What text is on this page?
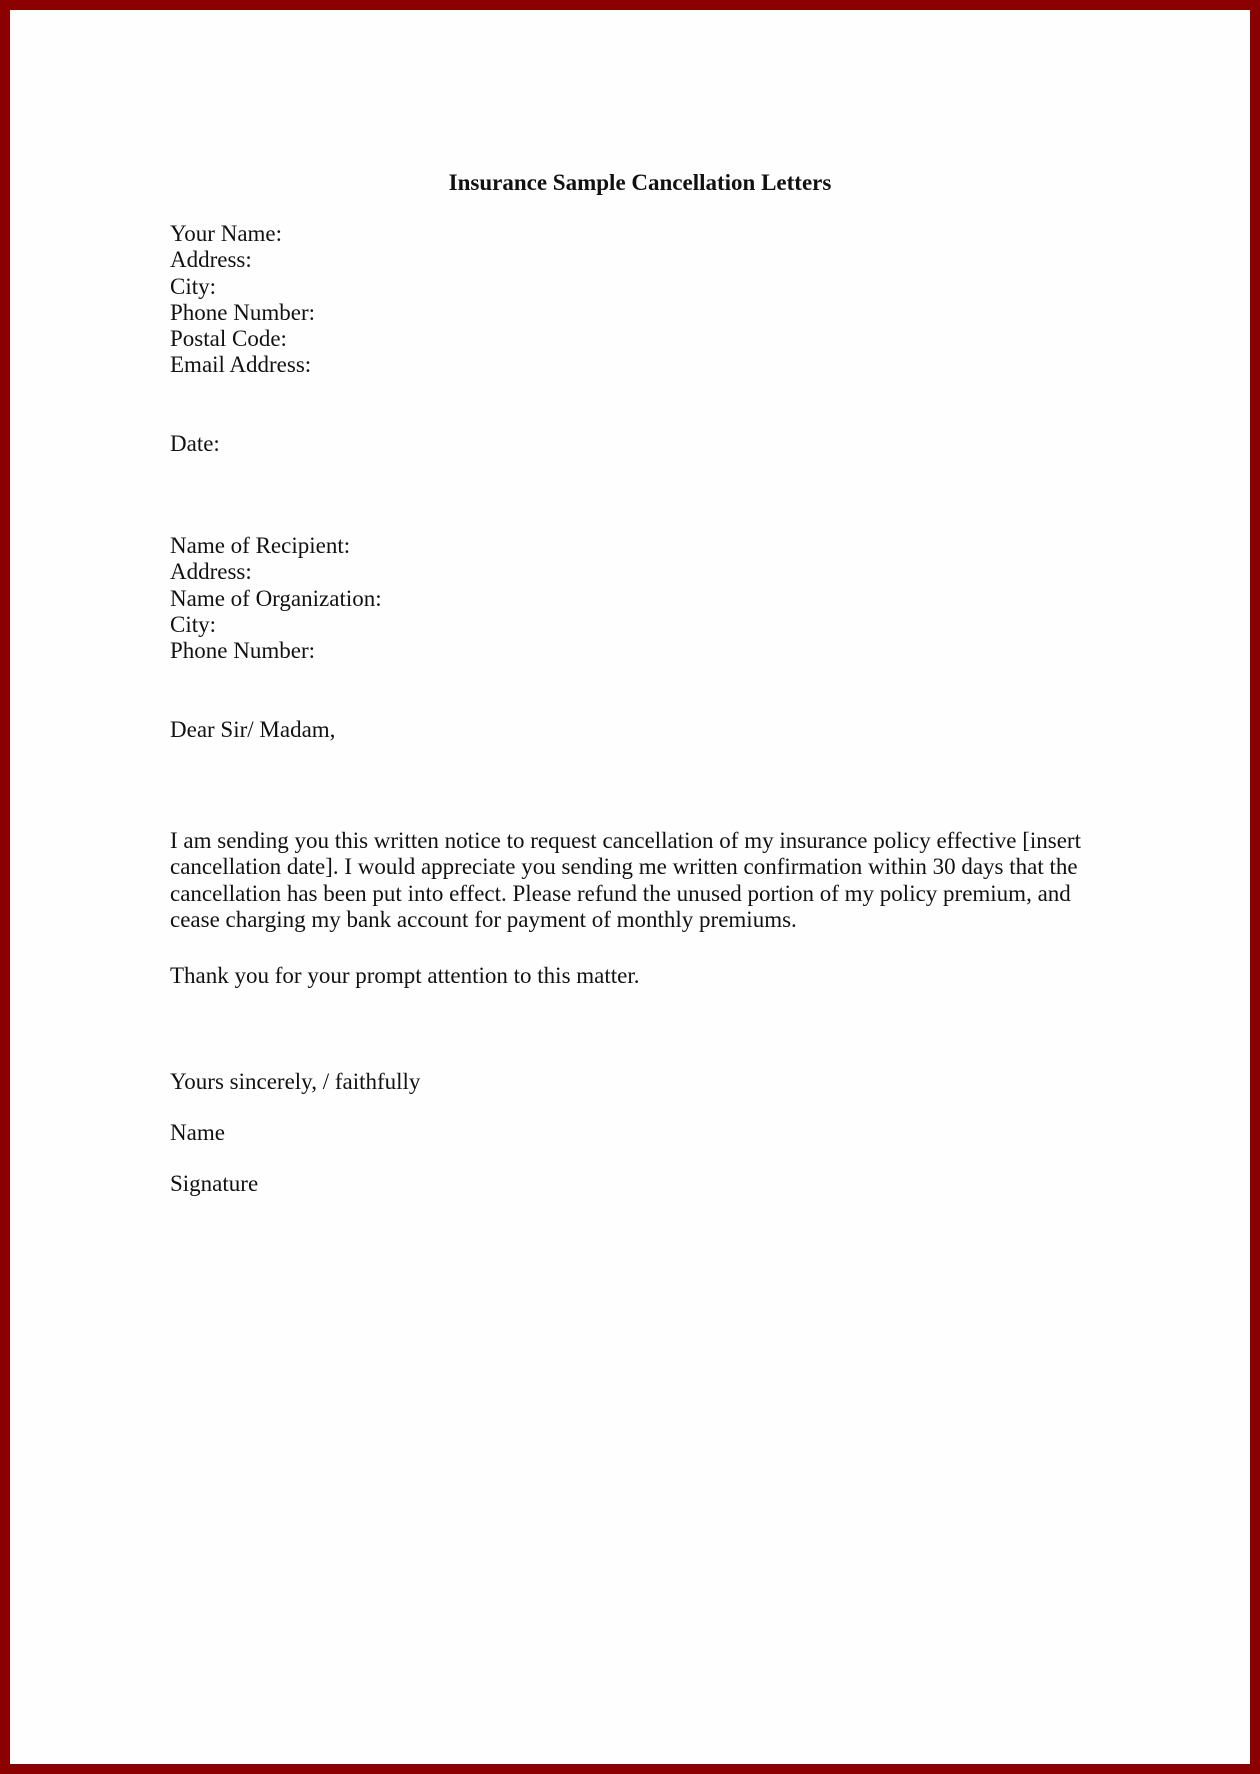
Insurance Sample Cancellation Letters
Your Name:
Address:
City:
Phone Number:
Postal Code:
Email Address:
Date:
Name of Recipient:
Address:
Name of Organization:
City:
Phone Number:
Dear Sir/ Madam,
I am sending you this written notice to request cancellation of my insurance policy effective [insert
cancellation date]. I would appreciate you sending me written confirmation within 30 days that the
cancellation has been put into effect. Please refund the unused portion of my policy premium, and
cease charging my bank account for payment of monthly premiums.
Thank you for your prompt attention to this matter.
Yours sincerely, / faithfully
Name
Signature
